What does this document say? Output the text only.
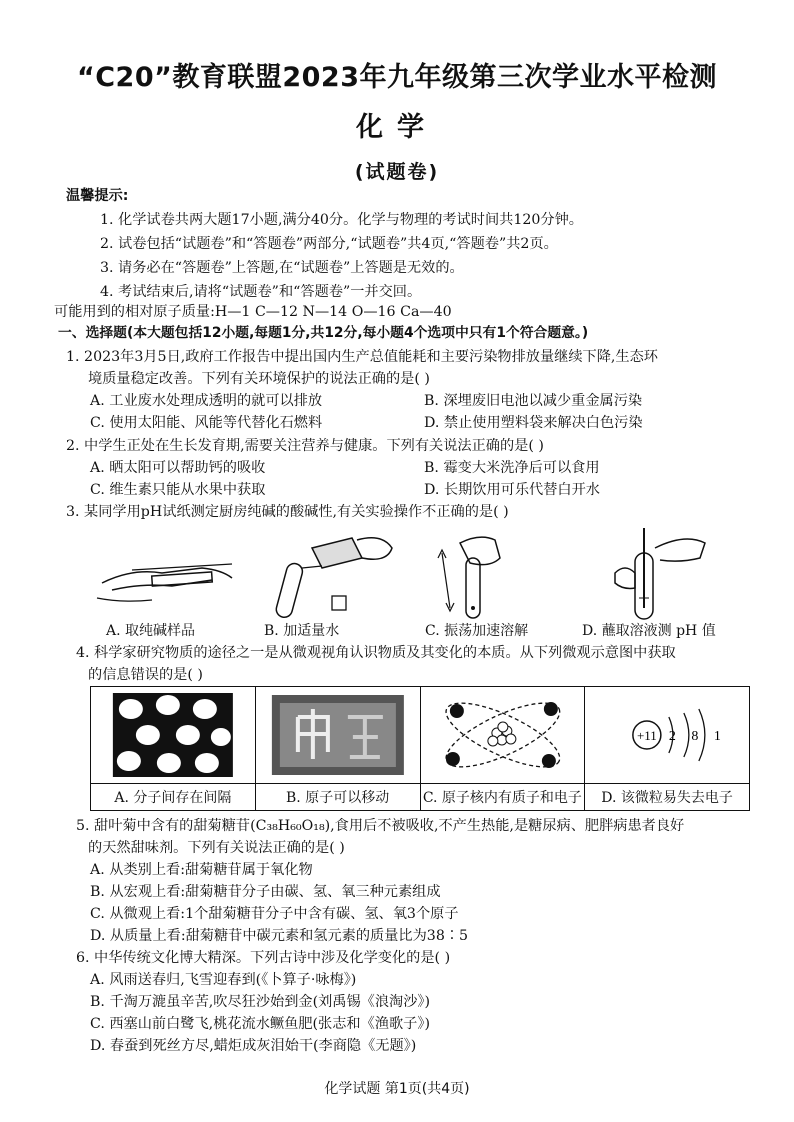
“C20”教育联盟2023年九年级第三次学业水平检测
化学
(试题卷)
温馨提示:
1. 化学试卷共两大题17小题,满分40分。化学与物理的考试时间共120分钟。
2. 试卷包括“试题卷”和“答题卷”两部分,“试题卷”共4页,“答题卷”共2页。
3. 请务必在“答题卷”上答题,在“试题卷”上答题是无效的。
4. 考试结束后,请将“试题卷”和“答题卷”一并交回。
可能用到的相对原子质量:H—1 C—12 N—14 O—16 Ca—40
一、选择题(本大题包括12小题,每题1分,共12分,每小题4个选项中只有1个符合题意。)
1. 2023年3月5日,政府工作报告中提出国内生产总值能耗和主要污染物排放量继续下降,生态环
境质量稳定改善。下列有关环境保护的说法正确的是( )
A. 工业废水处理成透明的就可以排放	B. 深埋废旧电池以减少重金属污染
C. 使用太阳能、风能等代替化石燃料	D. 禁止使用塑料袋来解决白色污染
2. 中学生正处在生长发育期,需要关注营养与健康。下列有关说法正确的是( )
A. 晒太阳可以帮助钙的吸收	B. 霉变大米洗净后可以食用
C. 维生素只能从水果中获取	D. 长期饮用可乐代替白开水
3. 某同学用pH试纸测定厨房纯碱的酸碱性,有关实验操作不正确的是( )
A. 取纯碱样品	B. 加适量水	C. 振荡加速溶解	D. 蘸取溶液测 pH 值
4. 科学家研究物质的途径之一是从微观视角认识物质及其变化的本质。从下列微观示意图中获取
的信息错误的是( )

+11 2 8 1

A. 分子间存在间隔	B. 原子可以移动	C. 原子核内有质子和电子	D. 该微粒易失去电子
5. 甜叶菊中含有的甜菊糖苷(C₃₈H₆₀O₁₈),食用后不被吸收,不产生热能,是糖尿病、肥胖病患者良好
的天然甜味剂。下列有关说法正确的是( )
A. 从类别上看:甜菊糖苷属于氧化物
B. 从宏观上看:甜菊糖苷分子由碳、氢、氧三种元素组成
C. 从微观上看:1个甜菊糖苷分子中含有碳、氢、氧3个原子
D. 从质量上看:甜菊糖苷中碳元素和氢元素的质量比为38∶5
6. 中华传统文化博大精深。下列古诗中涉及化学变化的是( )
A. 风雨送春归,飞雪迎春到(《卜算子·咏梅》)
B. 千淘万漉虽辛苦,吹尽狂沙始到金(刘禹锡《浪淘沙》)
C. 西塞山前白鹭飞,桃花流水鳜鱼肥(张志和《渔歌子》)
D. 春蚕到死丝方尽,蜡炬成灰泪始干(李商隐《无题》)
化学试题 第1页(共4页)
